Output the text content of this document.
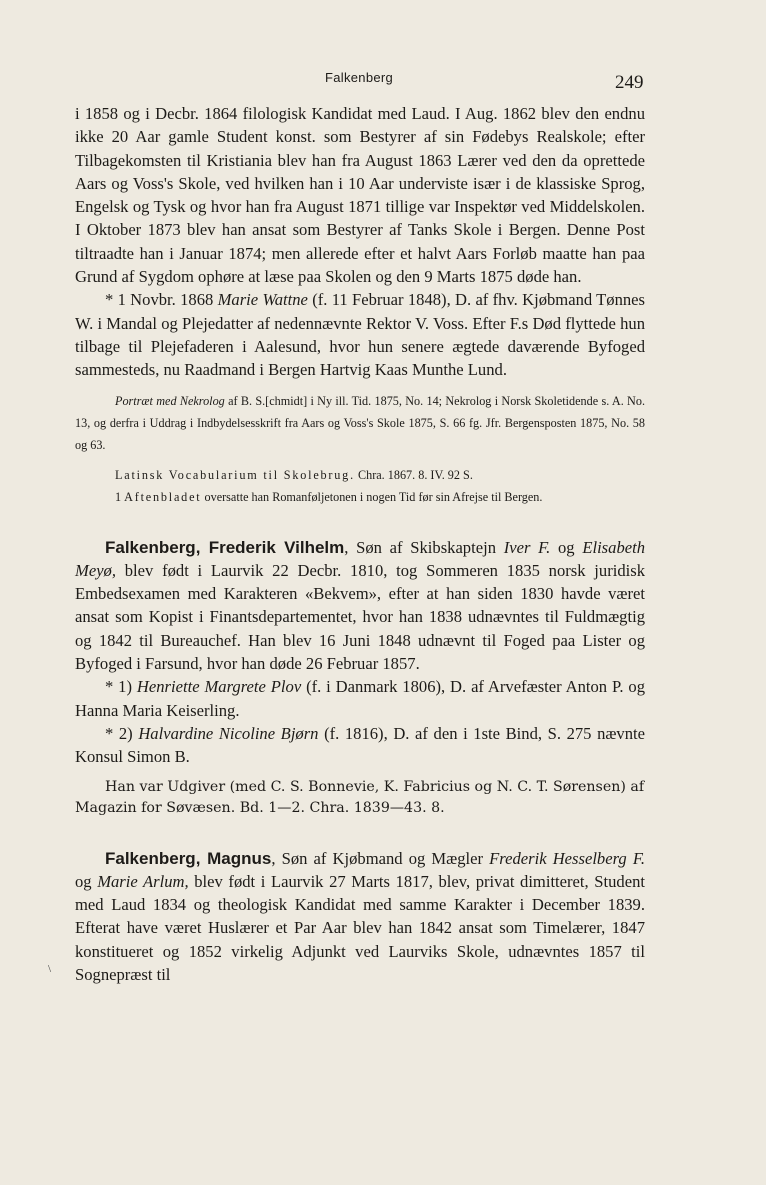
Falkenberg	249

i 1858 og i Decbr. 1864 filologisk Kandidat med Laud. I Aug. 1862 blev den endnu ikke 20 Aar gamle Student konst. som Bestyrer af sin Fødebys Realskole; efter Tilbagekomsten til Kristiania blev han fra August 1863 Lærer ved den da oprettede Aars og Voss's Skole, ved hvilken han i 10 Aar underviste især i de klassiske Sprog, Engelsk og Tysk og hvor han fra August 1871 tillige var Inspektør ved Middelskolen. I Oktober 1873 blev han ansat som Bestyrer af Tanks Skole i Bergen. Denne Post tiltraadte han i Januar 1874; men allerede efter et halvt Aars Forløb maatte han paa Grund af Sygdom ophøre at læse paa Skolen og den 9 Marts 1875 døde han.

* 1 Novbr. 1868 Marie Wattne (f. 11 Februar 1848), D. af fhv. Kjøbmand Tønnes W. i Mandal og Plejedatter af nedennævnte Rektor V. Voss. Efter F.s Død flyttede hun tilbage til Plejefaderen i Aalesund, hvor hun senere ægtede daværende Byfoged sammesteds, nu Raadmand i Bergen Hartvig Kaas Munthe Lund.

Portræt med Nekrolog af B. S.[chmidt] i Ny ill. Tid. 1875, No. 14; Nekrolog i Norsk Skoletidende s. A. No. 13, og derfra i Uddrag i Indbydelsesskrift fra Aars og Voss's Skole 1875, S. 66 fg. Jfr. Bergensposten 1875, No. 58 og 63.

Latinsk Vocabularium til Skolebrug. Chra. 1867. 8. IV. 92 S.

1 Aftenbladet oversatte han Romanføljetonen i nogen Tid før sin Afrejse til Bergen.

Falkenberg, Frederik Vilhelm, Søn af Skibskaptejn Iver F. og Elisabeth Meyø, blev født i Laurvik 22 Decbr. 1810, tog Sommeren 1835 norsk juridisk Embedsexamen med Karakteren «Bekvem», efter at han siden 1830 havde været ansat som Kopist i Finantsdepartementet, hvor han 1838 udnævntes til Fuldmægtig og 1842 til Bureauchef. Han blev 16 Juni 1848 udnævnt til Foged paa Lister og Byfoged i Farsund, hvor han døde 26 Februar 1857.

* 1) Henriette Margrete Plov (f. i Danmark 1806), D. af Arvefæster Anton P. og Hanna Maria Keiserling.

* 2) Halvardine Nicoline Bjørn (f. 1816), D. af den i 1ste Bind, S. 275 nævnte Konsul Simon B.

Han var Udgiver (med C. S. Bonnevie, K. Fabricius og N. C. T. Sørensen) af Magazin for Søvæsen. Bd. 1—2. Chra. 1839—43. 8.

Falkenberg, Magnus, Søn af Kjøbmand og Mægler Frederik Hesselberg F. og Marie Arlum, blev født i Laurvik 27 Marts 1817, blev, privat dimitteret, Student med Laud 1834 og theologisk Kandidat med samme Karakter i December 1839. Efterat have været Huslærer et Par Aar blev han 1842 ansat som Timelærer, 1847 konstitueret og 1852 virkelig Adjunkt ved Laurviks Skole, udnævntes 1857 til Sognepræst til

\
